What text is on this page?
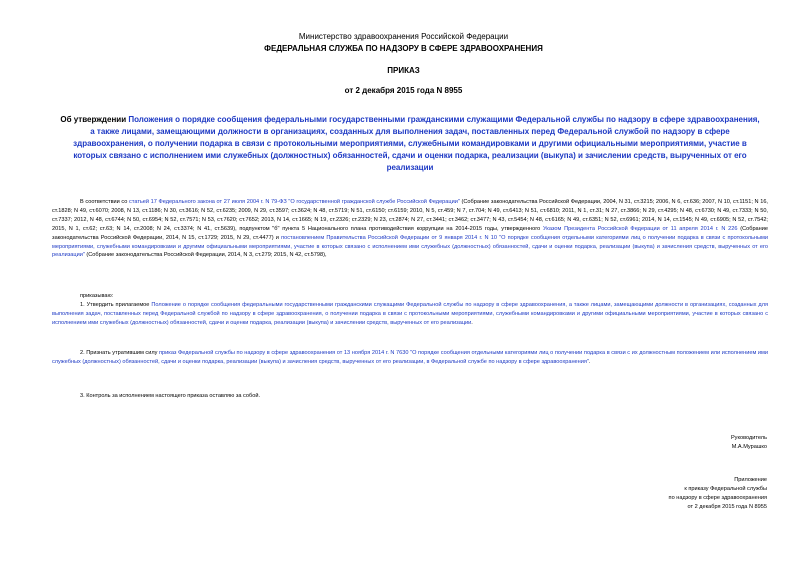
Министерство здравоохранения Российской Федерации
ФЕДЕРАЛЬНАЯ СЛУЖБА ПО НАДЗОРУ В СФЕРЕ ЗДРАВООХРАНЕНИЯ
ПРИКАЗ
от 2 декабря 2015 года N 8955
Об утверждении Положения о порядке сообщения федеральными государственными гражданскими служащими Федеральной службы по надзору в сфере здравоохранения, а также лицами, замещающими должности в организациях, созданных для выполнения задач, поставленных перед Федеральной службой по надзору в сфере здравоохранения, о получении подарка в связи с протокольными мероприятиями, служебными командировками и другими официальными мероприятиями, участие в которых связано с исполнением ими служебных (должностных) обязанностей, сдачи и оценки подарка, реализации (выкупа) и зачислении средств, вырученных от его реализации
В соответствии со статьей 17 Федерального закона от 27 июля 2004 г. N 79-ФЗ "О государственной гражданской службе Российской Федерации" (Собрание законодательства Российской Федерации, 2004, N 31, ст.3215; 2006, N 6, ст.636; 2007, N 10, ст.1151; N 16, ст.1828; N 49, ст.6070; 2008, N 13, ст.1186; N 30, ст.3616; N 52, ст.6235; 2009, N 29, ст.3597; ст.3624; N 48, ст.5719; N 51, ст.6150; ст.6159; 2010, N 5, ст.459; N 7, ст.704; N 49, ст.6413; N 51, ст.6810; 2011, N 1, ст.31; N 27, ст.3866; N 29, ст.4295; N 48, ст.6730; N 49, ст.7333; N 50, ст.7337; 2012, N 48, ст.6744; N 50, ст.6954; N 52, ст.7571; N 53, ст.7620; ст.7652; 2013, N 14, ст.1665; N 19, ст.2326; ст.2329; N 23, ст.2874; N 27, ст.3441; ст.3462; ст.3477; N 43, ст.5454; N 48, ст.6165; N 49, ст.6351; N 52, ст.6961; 2014, N 14, ст.1545; N 49, ст.6905; N 52, ст.7542; 2015, N 1, ст.62; ст.63; N 14, ст.2008; N 24, ст.3374; N 41, ст.5639), подпунктом "б" пункта 5 Национального плана противодействия коррупции на 2014-2015 годы, утвержденного Указом Президента Российской Федерации от 11 апреля 2014 г. N 226 (Собрание законодательства Российской Федерации, 2014, N 15, ст.1729; 2015, N 29, ст.4477) и постановлением Правительства Российской Федерации от 9 января 2014 г. N 10 "О порядке сообщения отдельными категориями лиц о получении подарка в связи с протокольными мероприятиями, служебными командировками и другими официальными мероприятиями, участие в которых связано с исполнением ими служебных (должностных) обязанностей, сдачи и оценки подарка, реализации (выкупа) и зачисления средств, вырученных от его реализации" (Собрание законодательства Российской Федерации, 2014, N 3, ст.279; 2015, N 42, ст.5798),
приказываю:
1. Утвердить прилагаемое Положение о порядке сообщения федеральными государственными гражданскими служащими Федеральной службы по надзору в сфере здравоохранения, а также лицами, замещающими должности в организациях, созданных для выполнения задач, поставленных перед Федеральной службой по надзору в сфере здравоохранения, о получении подарка в связи с протокольными мероприятиями, служебными командировками и другими официальными мероприятиями, участие в которых связано с исполнением ими служебных (должностных) обязанностей, сдачи и оценки подарка, реализации (выкупа) и зачислении средств, вырученных от его реализации.
2. Признать утратившим силу приказ Федеральной службы по надзору в сфере здравоохранения от 13 ноября 2014 г. N 7630 "О порядке сообщения отдельными категориями лиц о получении подарка в связи с их должностным положением или исполнением ими служебных (должностных) обязанностей, сдачи и оценки подарка, реализации (выкупа) и зачисления средств, вырученных от его реализации, в Федеральной службе по надзору в сфере здравоохранения".
3. Контроль за исполнением настоящего приказа оставляю за собой.
Руководитель
М.А.Мурашко
Приложение
к приказу Федеральной службы
по надзору в сфере здравоохранения
от 2 декабря 2015 года N 8955
